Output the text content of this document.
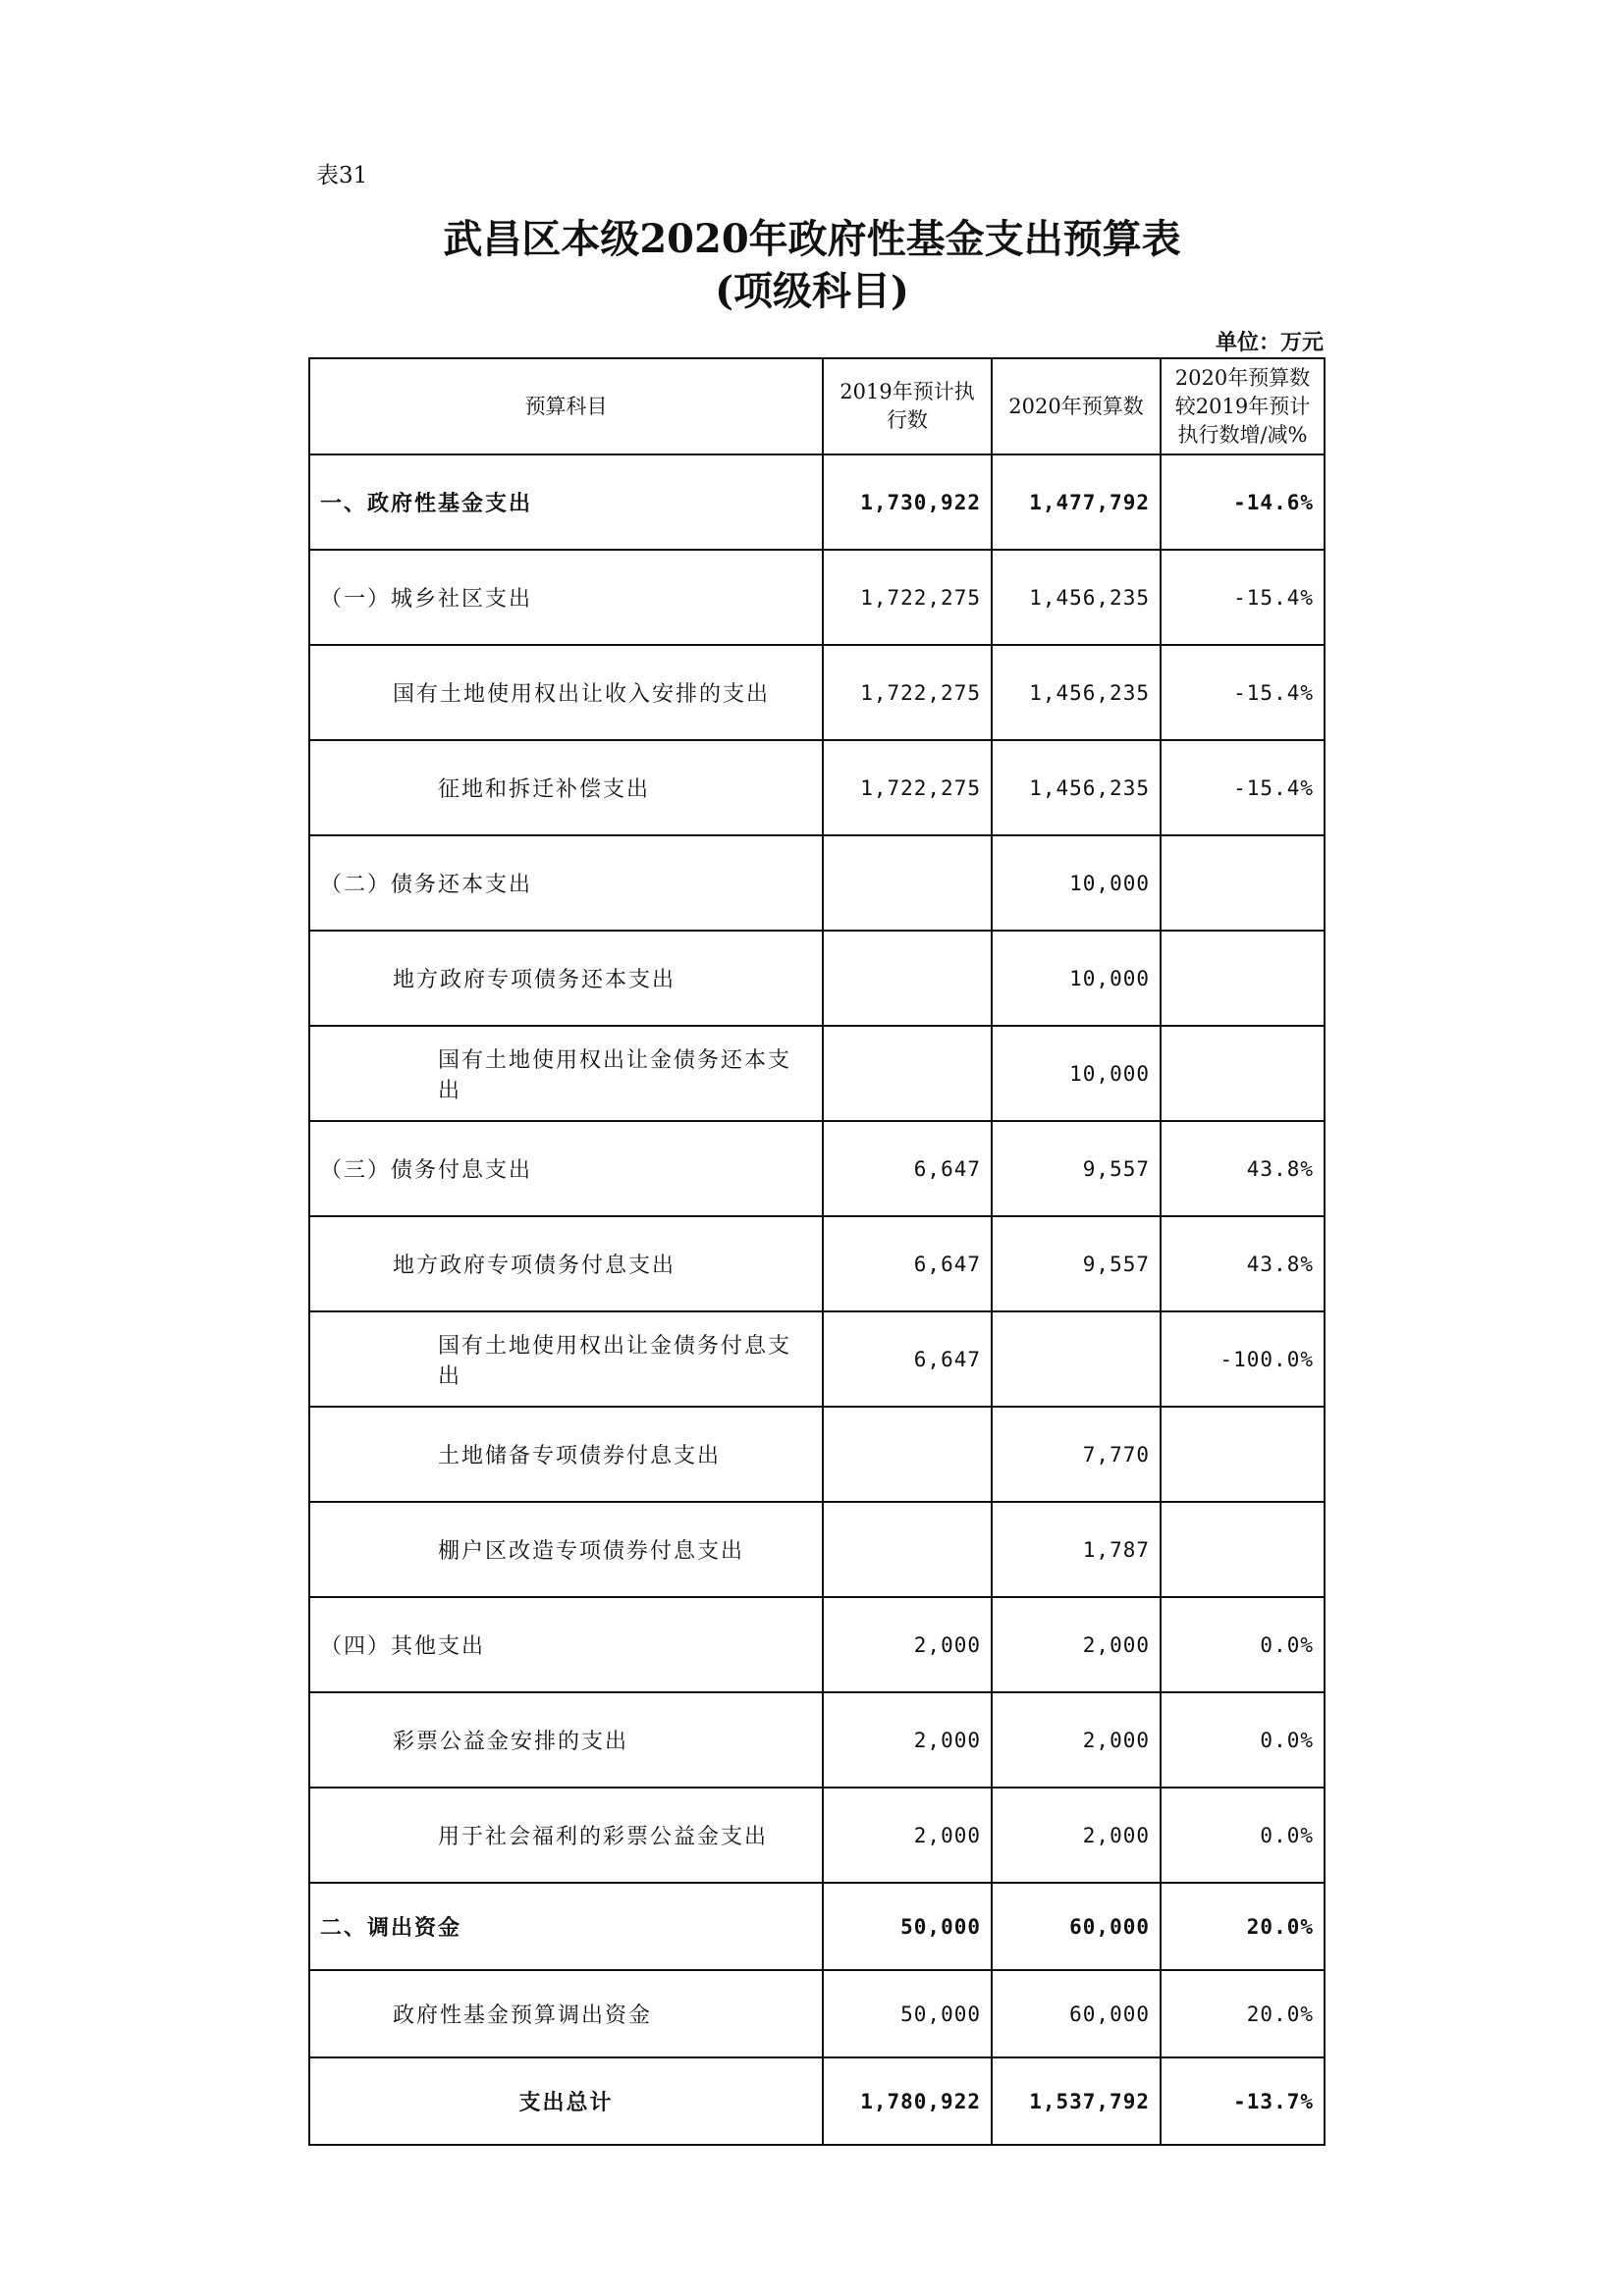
表31
武昌区本级2020年政府性基金支出预算表
(项级科目)
单位：万元
预算科目	2019年预计执行数	2020年预算数	2020年预算数较2019年预计执行数增/减%
一、政府性基金支出	1,730,922	1,477,792	-14.6%
（一）城乡社区支出	1,722,275	1,456,235	-15.4%
国有土地使用权出让收入安排的支出	1,722,275	1,456,235	-15.4%
征地和拆迁补偿支出	1,722,275	1,456,235	-15.4%
（二）债务还本支出		10,000	
地方政府专项债务还本支出		10,000	
国有土地使用权出让金债务还本支出		10,000	
（三）债务付息支出	6,647	9,557	43.8%
地方政府专项债务付息支出	6,647	9,557	43.8%
国有土地使用权出让金债务付息支出	6,647		-100.0%
土地储备专项债券付息支出		7,770	
棚户区改造专项债券付息支出		1,787	
（四）其他支出	2,000	2,000	0.0%
彩票公益金安排的支出	2,000	2,000	0.0%
用于社会福利的彩票公益金支出	2,000	2,000	0.0%
二、调出资金	50,000	60,000	20.0%
政府性基金预算调出资金	50,000	60,000	20.0%
支出总计	1,780,922	1,537,792	-13.7%
